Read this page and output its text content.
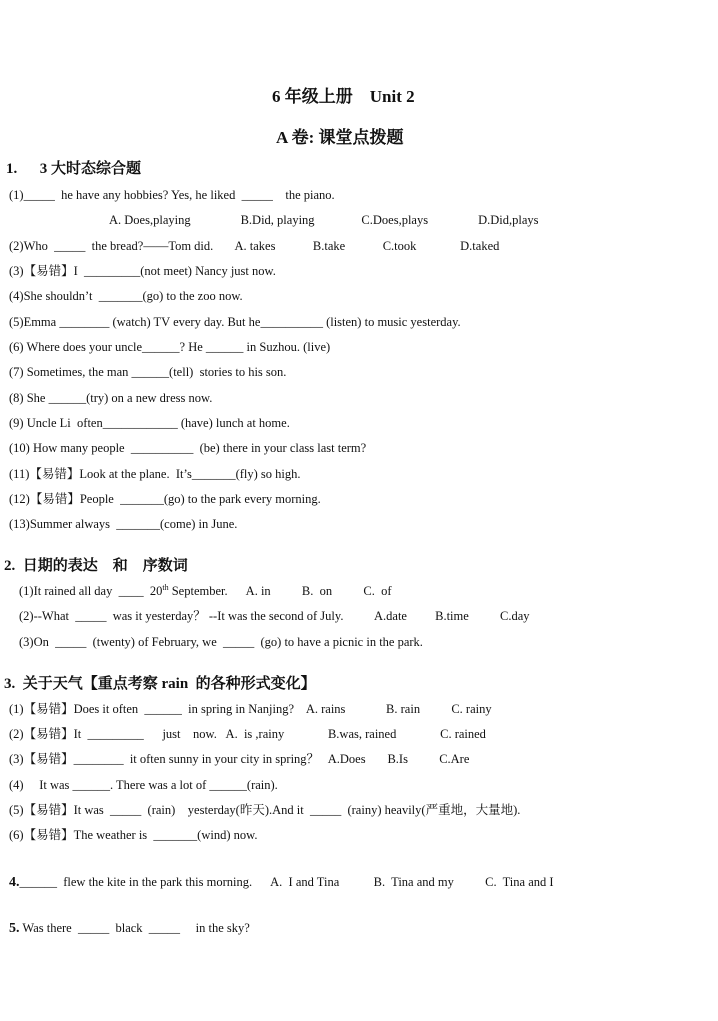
6 年级上册    Unit 2
A 卷: 课堂点拨题
1.      3 大时态综合题
(1)_____  he have any hobbies? Yes, he liked  _____    the piano.
A. Does,playing                B.Did, playing               C.Does,plays                D.Did,plays
(2)Who  _____  the bread?——Tom did.       A. takes            B.take            C.took              D.taked
(3)【易错】I  _________(not meet) Nancy just now.
(4)She shouldn’t  _______(go) to the zoo now.
(5)Emma ________ (watch) TV every day. But he__________ (listen) to music yesterday.
(6) Where does your uncle______? He ______ in Suzhou. (live)
(7) Sometimes, the man ______(tell)  stories to his son.
(8) She ______(try) on a new dress now.
(9) Uncle Li  often____________ (have) lunch at home.
(10) How many people  __________  (be) there in your class last term?
(11)【易错】Look at the plane.  It’s_______(fly) so high.
(12)【易错】People  _______(go) to the park every morning.
(13)Summer always  _______(come) in June.
2.  日期的表达    和    序数词
(1)It rained all day  ____  20th September.      A. in          B.  on          C.  of
(2)--What  _____  was it yesterday？ --It was the second of July.          A.date         B.time          C.day
(3)On  _____  (twenty) of February, we  _____  (go) to have a picnic in the park.
3.  关于天气【重点考察 rain  的各种形式变化】
(1)【易错】Does it often  ______  in spring in Nanjing?    A. rains             B. rain          C. rainy
(2)【易错】It  _________      just    now.   A.  is ,rainy              B.was, rained              C. rained
(3)【易错】________  it often sunny in your city in spring？   A.Does       B.Is          C.Are
(4)     It was ______. There was a lot of ______(rain).
(5)【易错】It was  _____  (rain)    yesterday(昨天).And it  _____  (rainy) heavily(严重地，大量地).
(6)【易错】The weather is  _______(wind) now.
4.______  flew the kite in the park this morning.      A.  I and Tina           B.  Tina and my          C.  Tina and I
5. Was there  _____  black  _____     in the sky?
